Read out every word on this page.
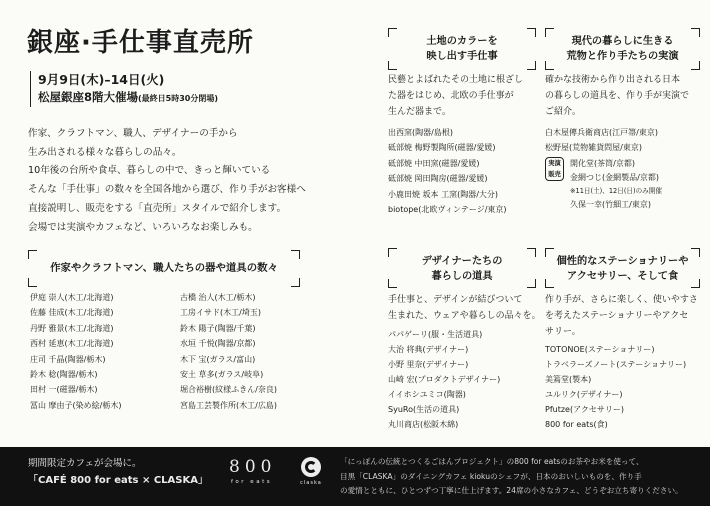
銀座·手仕事直売所
9月9日(木)–14日(火)
松屋銀座8階大催場(最終日5時30分閉場)
作家、クラフトマン、職人、デザイナーの手から
生み出される様々な暮らしの品々。
10年後の台所や食卓、暮らしの中で、きっと輝いている
そんな「手仕事」の数々を全国各地から選び、作り手がお客様へ
直接説明し、販売をする「直売所」スタイルで紹介します。
会場では実演やカフェなど、いろいろなお楽しみも。
作家やクラフトマン、職人たちの器や道具の数々
伊庭 崇人(木工/北海道)
佐藤 佳成(木工/北海道)
丹野 雅景(木工/北海道)
西村 延恵(木工/北海道)
庄司 千晶(陶器/栃木)
鈴木 稔(陶器/栃木)
田村 一(磁器/栃木)
冨山 摩由子(染め絵/栃木)
古橋 治人(木工/栃木)
工房イサド(木工/埼玉)
鈴木 陽子(陶器/千葉)
水垣 千悦(陶器/京都)
木下 宝(ガラス/富山)
安土 草多(ガラス/岐阜)
堀合裕樹(紋様ふきん/奈良)
宮島工芸製作所(木工/広島)
土地のカラーを
映し出す手仕事
民藝とよばれたその土地に根ざし
た器をはじめ、北欧の手仕事が
生んだ器まで。
出西窯(陶器/島根)
砥部焼 梅野製陶所(磁器/愛媛)
砥部焼 中田窯(磁器/愛媛)
砥部焼 岡田陶房(磁器/愛媛)
小鹿田焼 坂本 工窯(陶器/大分)
biotope(北欧ヴィンテージ/東京)
現代の暮らしに生きる
荒物と作り手たちの実演
確かな技術から作り出される日本
の暮らしの道具を、作り手が実演で
ご紹介。
白木屋傳兵衛商店(江戸箒/東京)
松野屋(荒物雑貨問屋/東京)
実演
販売
開化堂(茶筒/京都)
金網つじ(金網製品/京都)
※11日(土)、12日(日)のみ開催
久保一幸(竹細工/東京)
デザイナーたちの
暮らしの道具
手仕事と、デザインが結びついて
生まれた、ウェアや暮らしの品々を。
パパゲーリ(服・生活道具)
大治 将典(デザイナー)
小野 里奈(デザイナー)
山崎 宏(プロダクトデザイナー)
イイホシユミコ(陶器)
SyuRo(生活の道具)
丸川商店(松阪木綿)
個性的なステーショナリーや
アクセサリー、そして食
作り手が、さらに楽しく、使いやすさ
を考えたステーショナリーやアクセ
サリー。
TOTONOE(ステーショナリー)
トラベラーズノート(ステーショナリー)
美篶堂(製本)
ユルリク(デザイナー)
Pfutze(アクセサリー)
800 for eats(食)
期間限定カフェが会場に。
「CAFÉ 800 for eats × CLASKA」
800
for eats	claska
「にっぽんの伝統とつくるごはんプロジェクト」の800 for eatsのお茶やお米を使って、
目黒「CLASKA」のダイニングカフェ kiokuのシェフが、日本のおいしいものを、作り手
の愛情とともに、ひとつずつ丁寧に仕上げます。24席の小さなカフェ、どうぞお立ち寄りください。
